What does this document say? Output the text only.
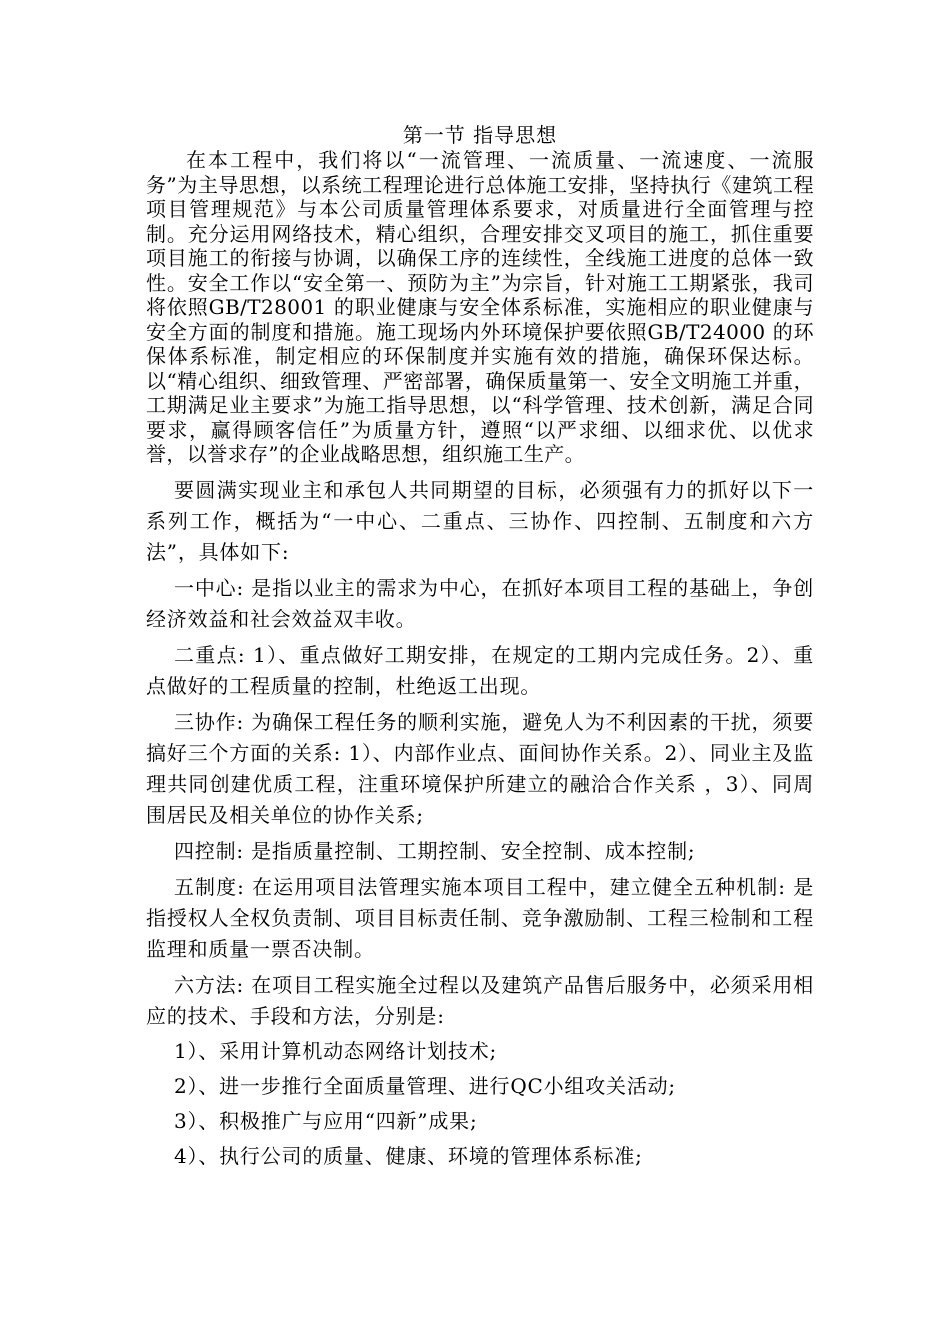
第一节 指导思想

在本工程中，我们将以“一流管理、一流质量、一流速度、一流服务”为主导思想，以系统工程理论进行总体施工安排，坚持执行《建筑工程项目管理规范》与本公司质量管理体系要求，对质量进行全面管理与控制。充分运用网络技术，精心组织，合理安排交叉项目的施工，抓住重要项目施工的衔接与协调，以确保工序的连续性，全线施工进度的总体一致性。安全工作以“安全第一、预防为主”为宗旨，针对施工工期紧张，我司将依照GB/T28001 的职业健康与安全体系标准，实施相应的职业健康与安全方面的制度和措施。施工现场内外环境保护要依照GB/T24000 的环保体系标准，制定相应的环保制度并实施有效的措施，确保环保达标。以“精心组织、细致管理、严密部署，确保质量第一、安全文明施工并重，工期满足业主要求”为施工指导思想，以“科学管理、技术创新，满足合同要求，赢得顾客信任”为质量方针，遵照“以严求细、以细求优、以优求誉，以誉求存”的企业战略思想，组织施工生产。

要圆满实现业主和承包人共同期望的目标，必须强有力的抓好以下一系列工作，概括为“一中心、二重点、三协作、四控制、五制度和六方法”，具体如下:

一中心: 是指以业主的需求为中心，在抓好本项目工程的基础上，争创经济效益和社会效益双丰收。

二重点: 1）、重点做好工期安排，在规定的工期内完成任务。2）、重点做好的工程质量的控制，杜绝返工出现。

三协作: 为确保工程任务的顺利实施，避免人为不利因素的干扰，须要搞好三个方面的关系: 1）、内部作业点、面间协作关系。2）、同业主及监理共同创建优质工程，注重环境保护所建立的融洽合作关系 ，3）、同周围居民及相关单位的协作关系;

四控制: 是指质量控制、工期控制、安全控制、成本控制;

五制度: 在运用项目法管理实施本项目工程中，建立健全五种机制: 是指授权人全权负责制、项目目标责任制、竞争激励制、工程三检制和工程监理和质量一票否决制。

六方法: 在项目工程实施全过程以及建筑产品售后服务中，必须采用相应的技术、手段和方法，分别是:

1）、采用计算机动态网络计划技术;
2）、进一步推行全面质量管理、进行QC小组攻关活动;
3）、积极推广与应用“四新”成果;
4）、执行公司的质量、健康、环境的管理体系标准;
